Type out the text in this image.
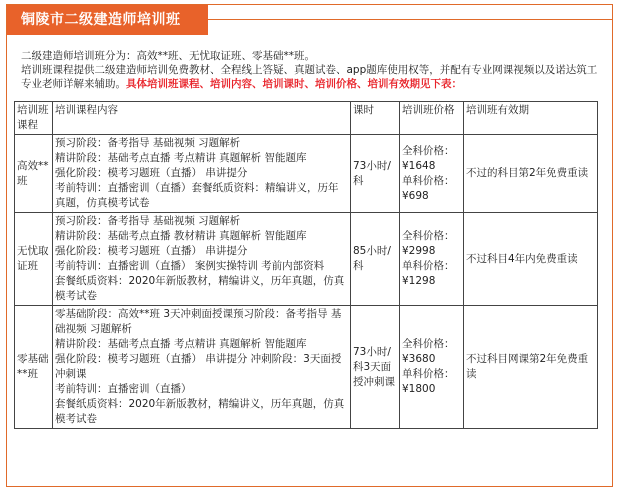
铜陵市二级建造师培训班
二级建造师培训班分为：高效**班、无忧取证班、零基础**班。
培训班课程提供二级建造师培训免费教材、全程线上答疑、真题试卷、app题库使用权等，并配有专业网课视频以及诺达筑工专业老师详解来辅助。具体培训班课程、培训内容、培训课时、培训价格、培训有效期见下表：
培训班课程	培训课程内容	课时	培训班价格	培训班有效期
高效**班	预习阶段：备考指导 基础视频 习题解析
精讲阶段：基础考点直播 考点精讲 真题解析 智能题库
强化阶段：模考习题班（直播） 串讲提分
考前特训：直播密训（直播）套餐纸质资料：精编讲义，历年真题，仿真模考试卷	73小时/科	全科价格：
¥1648
单科价格：
¥698	不过的科目第2年免费重读
无忧取证班	预习阶段：备考指导 基础视频 习题解析
精讲阶段：基础考点直播 教材精讲 真题解析 智能题库
强化阶段：模考习题班（直播） 串讲提分
考前特训：直播密训（直播） 案例实操特训 考前内部资料
套餐纸质资料：2020年新版教材，精编讲义，历年真题，仿真模考试卷	85小时/科	全科价格：
¥2998
单科价格：
¥1298	不过科目4年内免费重读
零基础**班	零基础阶段：高效**班 3天冲刺面授课预习阶段：备考指导 基础视频 习题解析
精讲阶段：基础考点直播 考点精讲 真题解析 智能题库
强化阶段：模考习题班（直播） 串讲提分 冲刺阶段：3天面授冲刺课
考前特训：直播密训（直播）
套餐纸质资料：2020年新版教材，精编讲义，历年真题，仿真模考试卷	73小时/科3天面授冲刺课	全科价格：
¥3680
单科价格：
¥1800	不过科目网课第2年免费重读
